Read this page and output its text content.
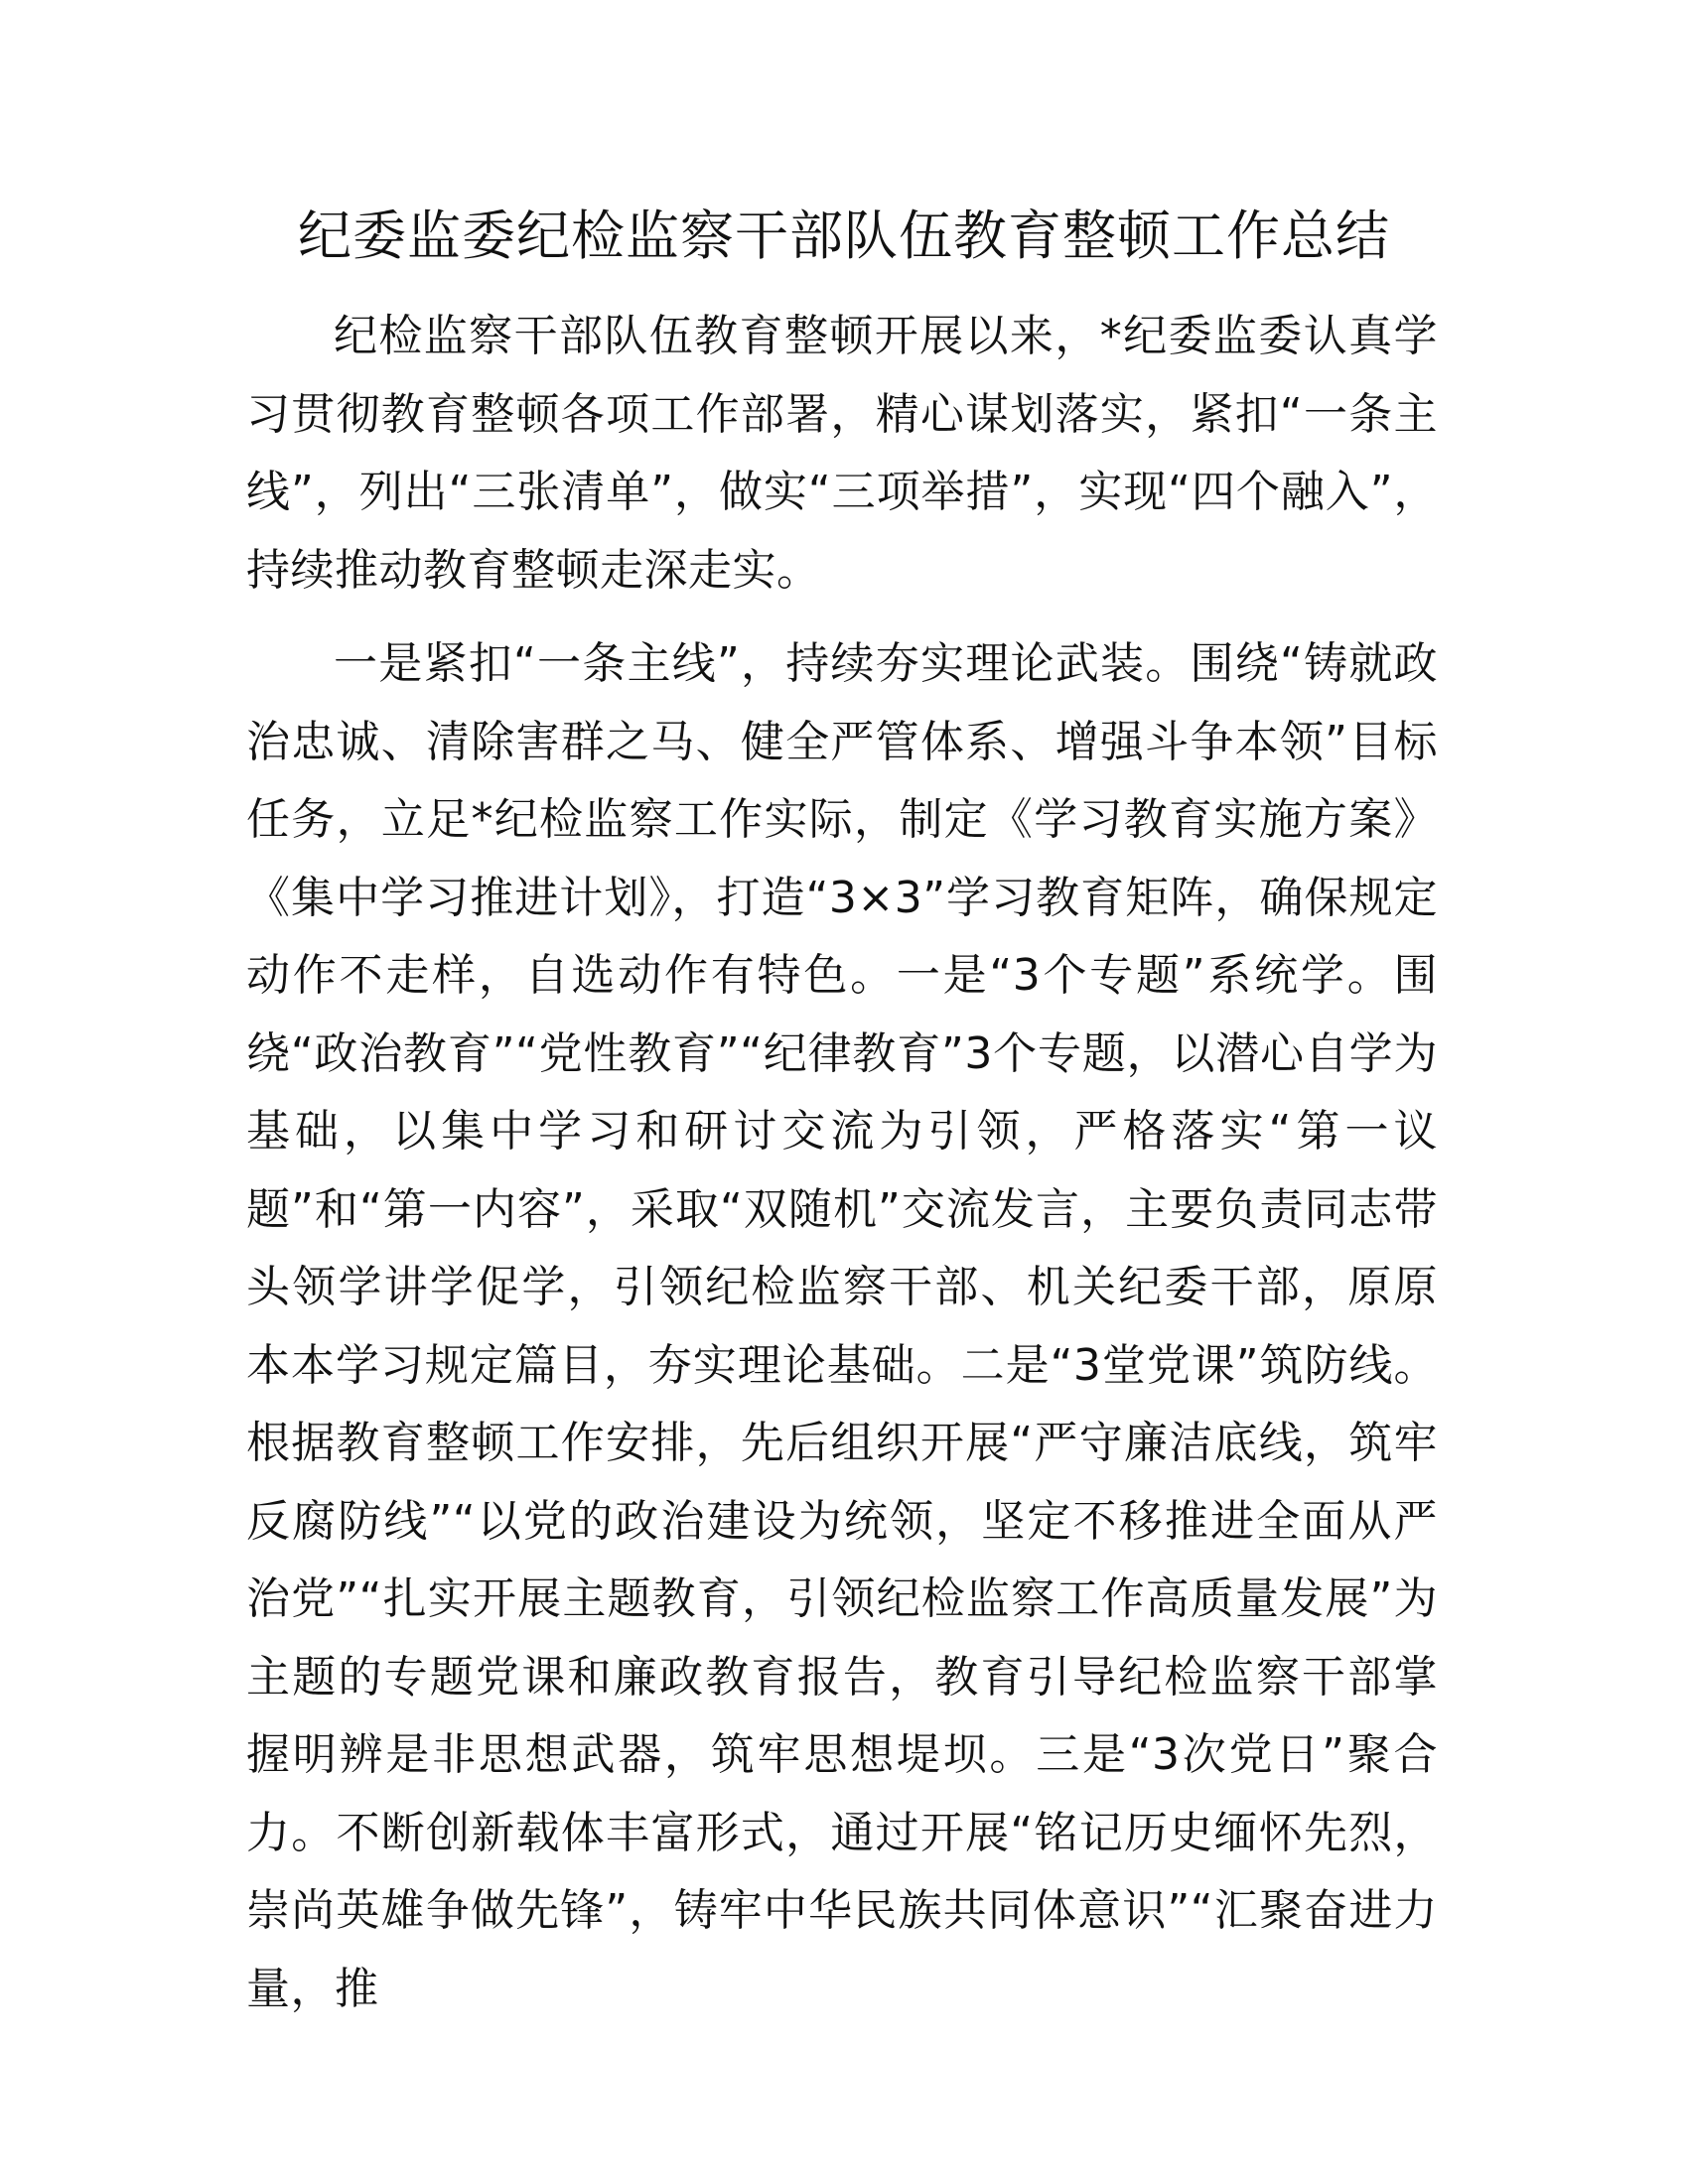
纪委监委纪检监察干部队伍教育整顿工作总结

纪检监察干部队伍教育整顿开展以来，*纪委监委认真学习贯彻教育整顿各项工作部署，精心谋划落实，紧扣“一条主线”，列出“三张清单”，做实“三项举措”，实现“四个融入”，持续推动教育整顿走深走实。

一是紧扣“一条主线”，持续夯实理论武装。围绕“铸就政治忠诚、清除害群之马、健全严管体系、增强斗争本领”目标任务，立足*纪检监察工作实际，制定《学习教育实施方案》《集中学习推进计划》，打造“3×3”学习教育矩阵，确保规定动作不走样，自选动作有特色。一是“3个专题”系统学。围绕“政治教育”“党性教育”“纪律教育”3个专题，以潜心自学为基础，以集中学习和研讨交流为引领，严格落实“第一议题”和“第一内容”，采取“双随机”交流发言，主要负责同志带头领学讲学促学，引领纪检监察干部、机关纪委干部，原原本本学习规定篇目，夯实理论基础。二是“3堂党课”筑防线。根据教育整顿工作安排，先后组织开展“严守廉洁底线，筑牢反腐防线”“以党的政治建设为统领，坚定不移推进全面从严治党”“扎实开展主题教育，引领纪检监察工作高质量发展”为主题的专题党课和廉政教育报告，教育引导纪检监察干部掌握明辨是非思想武器，筑牢思想堤坝。三是“3次党日”聚合力。不断创新载体丰富形式，通过开展“铭记历史缅怀先烈，崇尚英雄争做先锋”，铸牢中华民族共同体意识”“汇聚奋进力量，推
